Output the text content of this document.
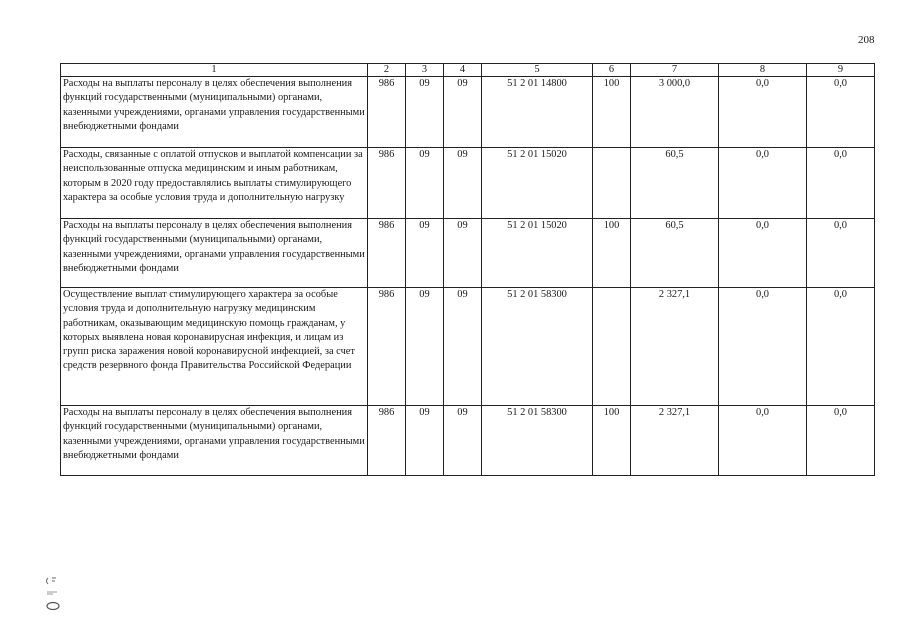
208
1	2	3	4	5	6	7	8	9
Расходы на выплаты персоналу в целях обеспечения выполнения функций государственными (муниципальными) органами, казенными учреждениями, органами управления государственными внебюджетными фондами	986	09	09	51 2 01 14800	100	3 000,0	0,0	0,0
Расходы, связанные с оплатой отпусков и выплатой компенсации за неиспользованные отпуска медицинским и иным работникам, которым в 2020 году предоставлялись выплаты стимулирующего характера за особые условия труда и дополнительную нагрузку	986	09	09	51 2 01 15020		60,5	0,0	0,0
Расходы на выплаты персоналу в целях обеспечения выполнения функций государственными (муниципальными) органами, казенными учреждениями, органами управления государственными внебюджетными фондами	986	09	09	51 2 01 15020	100	60,5	0,0	0,0
Осуществление выплат стимулирующего характера за особые условия труда и дополнительную нагрузку медицинским работникам, оказывающим медицинскую помощь гражданам, у которых выявлена новая коронавирусная инфекция, и лицам из групп риска заражения новой коронавирусной инфекцией, за счет средств резервного фонда Правительства Российской Федерации	986	09	09	51 2 01 58300		2 327,1	0,0	0,0
Расходы на выплаты персоналу в целях обеспечения выполнения функций государственными (муниципальными) органами, казенными учреждениями, органами управления государственными внебюджетными фондами	986	09	09	51 2 01 58300	100	2 327,1	0,0	0,0
